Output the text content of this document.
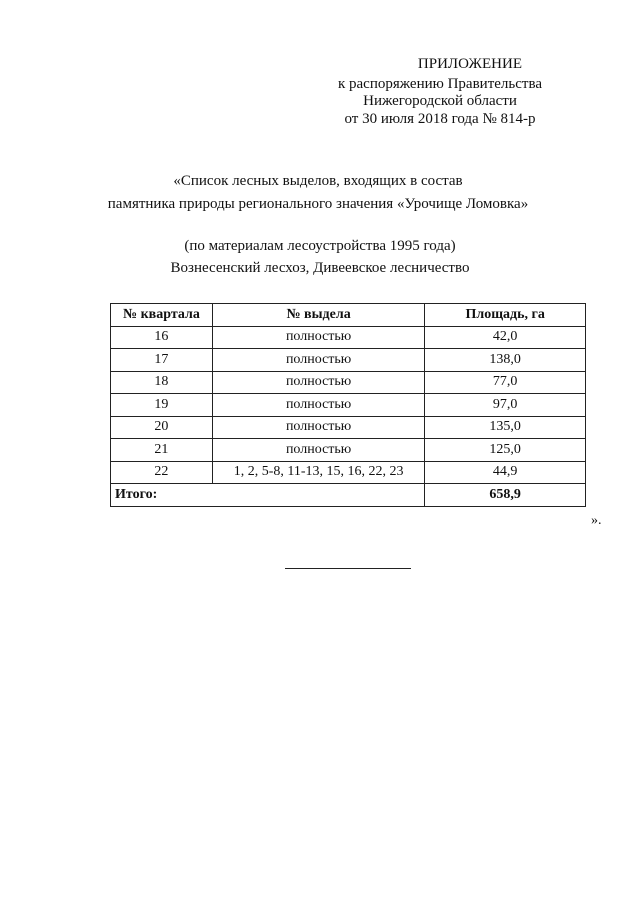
ПРИЛОЖЕНИЕ
к распоряжению Правительства
Нижегородской области
от 30 июля 2018 года № 814-р
«Список лесных выделов, входящих в состав
памятника природы регионального значения «Урочище Ломовка»
(по материалам лесоустройства 1995 года)
Вознесенский лесхоз, Дивеевское лесничество
№ квартала	№ выдела	Площадь, га
16	полностью	42,0
17	полностью	138,0
18	полностью	77,0
19	полностью	97,0
20	полностью	135,0
21	полностью	125,0
22	1, 2, 5-8, 11-13, 15, 16, 22, 23	44,9
Итого:		658,9
».
